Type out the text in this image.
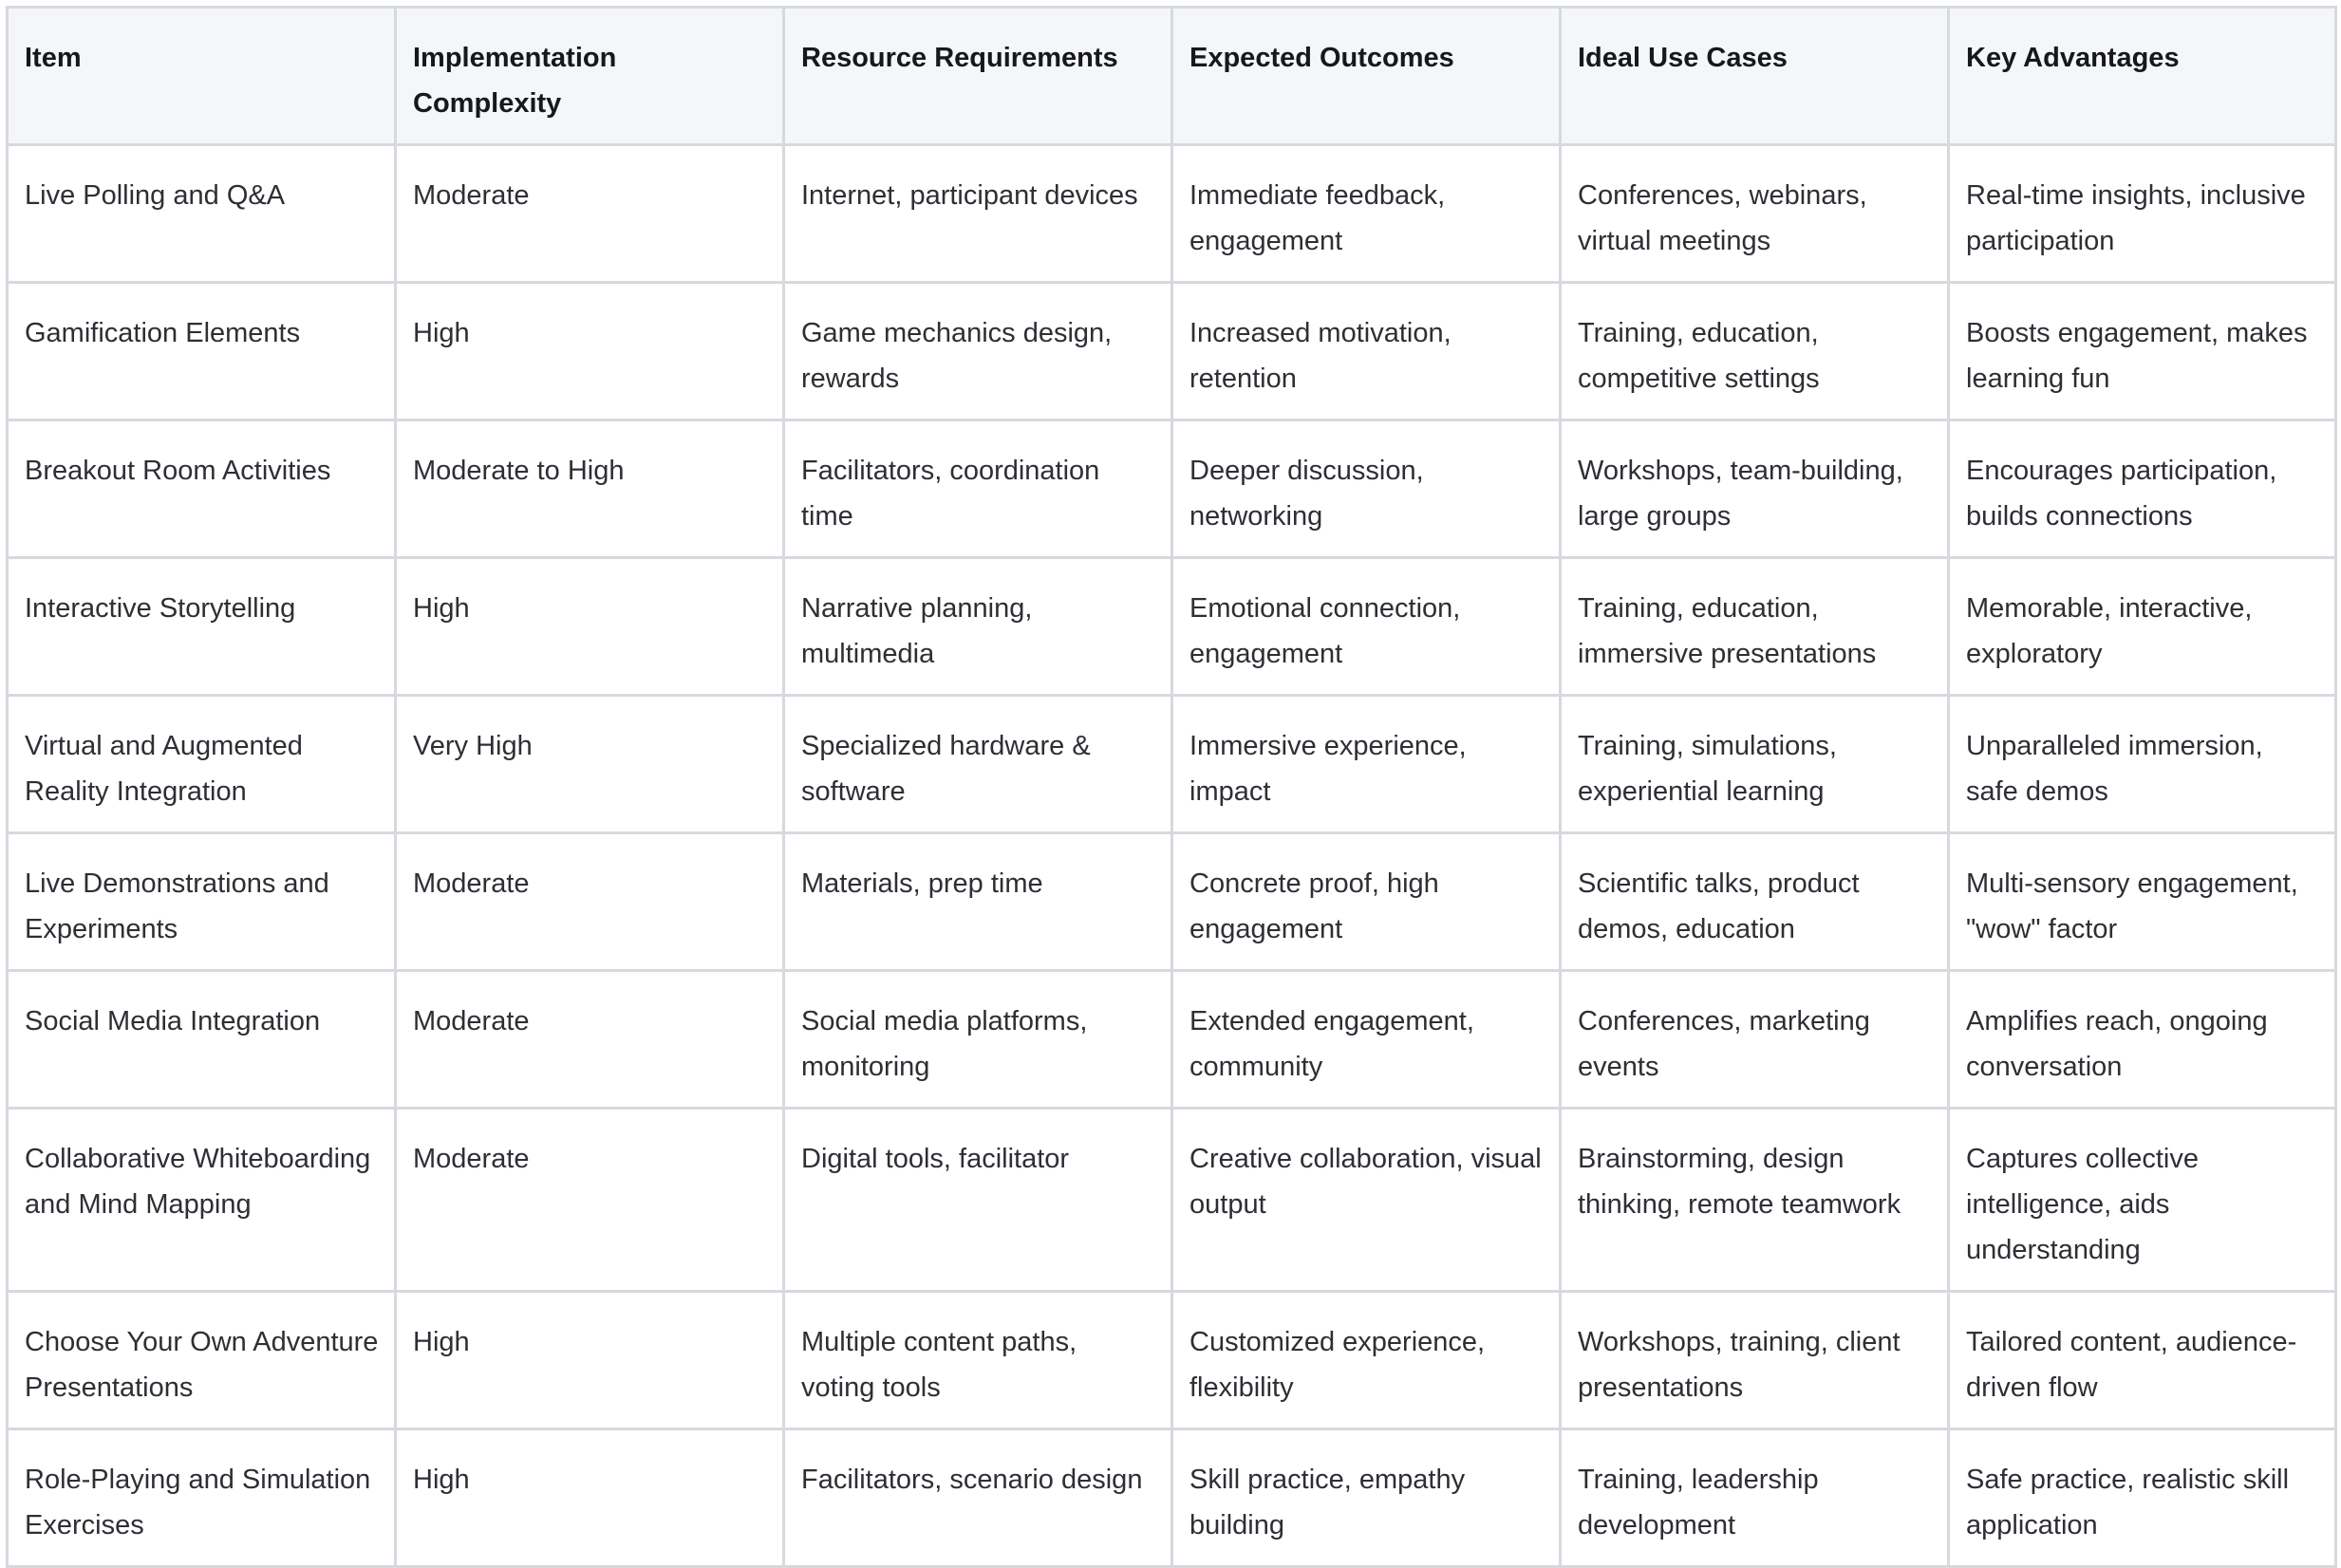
Item	Implementation Complexity	Resource Requirements	Expected Outcomes	Ideal Use Cases	Key Advantages
Live Polling and Q&A	Moderate	Internet, participant devices	Immediate feedback, engagement	Conferences, webinars, virtual meetings	Real-time insights, inclusive participation
Gamification Elements	High	Game mechanics design, rewards	Increased motivation, retention	Training, education, competitive settings	Boosts engagement, makes learning fun
Breakout Room Activities	Moderate to High	Facilitators, coordination time	Deeper discussion, networking	Workshops, team-building, large groups	Encourages participation, builds connections
Interactive Storytelling	High	Narrative planning, multimedia	Emotional connection, engagement	Training, education, immersive presentations	Memorable, interactive, exploratory
Virtual and Augmented Reality Integration	Very High	Specialized hardware & software	Immersive experience, impact	Training, simulations, experiential learning	Unparalleled immersion, safe demos
Live Demonstrations and Experiments	Moderate	Materials, prep time	Concrete proof, high engagement	Scientific talks, product demos, education	Multi-sensory engagement, "wow" factor
Social Media Integration	Moderate	Social media platforms, monitoring	Extended engagement, community	Conferences, marketing events	Amplifies reach, ongoing conversation
Collaborative Whiteboarding and Mind Mapping	Moderate	Digital tools, facilitator	Creative collaboration, visual output	Brainstorming, design thinking, remote teamwork	Captures collective intelligence, aids understanding
Choose Your Own Adventure Presentations	High	Multiple content paths, voting tools	Customized experience, flexibility	Workshops, training, client presentations	Tailored content, audience-driven flow
Role-Playing and Simulation Exercises	High	Facilitators, scenario design	Skill practice, empathy building	Training, leadership development	Safe practice, realistic skill application
